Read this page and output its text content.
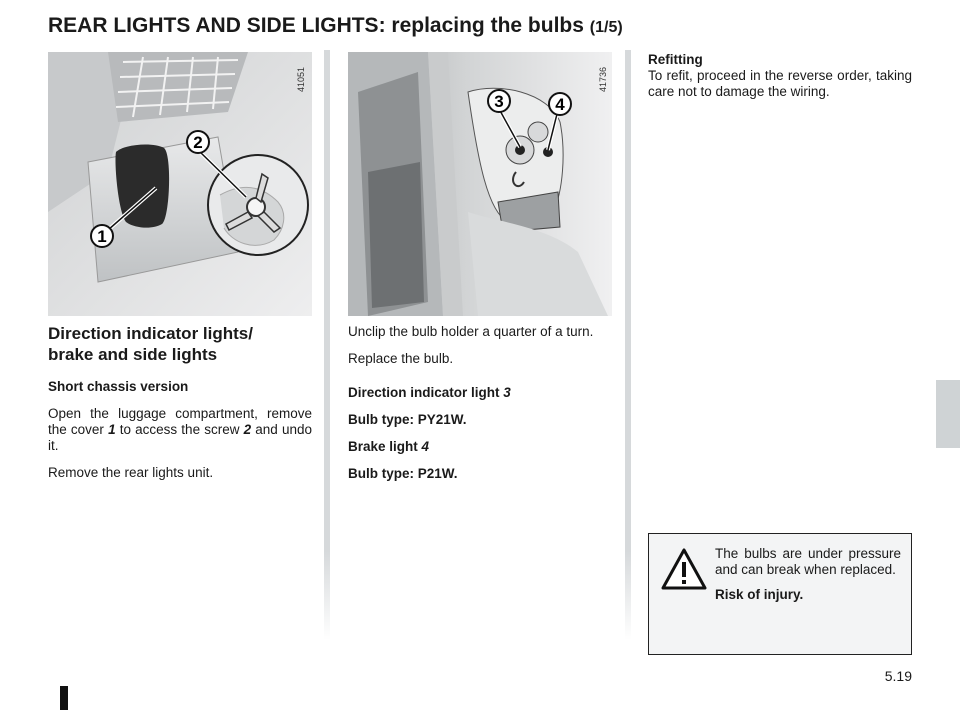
REAR LIGHTS AND SIDE LIGHTS: replacing the bulbs (1/5)
2
1
41051
3	4
41736
Direction indicator lights/
brake and side lights

Short chassis version

Open the luggage compartment, remove the cover 1 to access the screw 2 and undo it.

Remove the rear lights unit.

Unclip the bulb holder a quarter of a turn.

Replace the bulb.

Direction indicator light 3

Bulb type: PY21W.

Brake light 4

Bulb type: P21W.

Refitting
To refit, proceed in the reverse order, taking care not to damage the wiring.

The bulbs are under pressure and can break when replaced.

Risk of injury.

5.19
